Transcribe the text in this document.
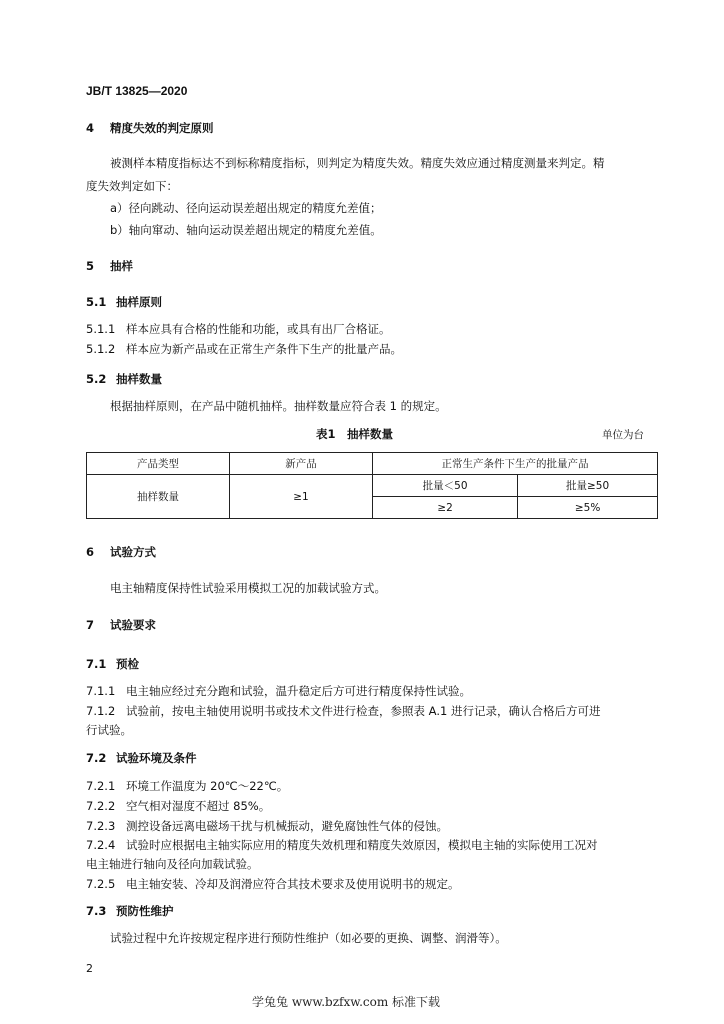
JB/T 13825—2020
4 精度失效的判定原则
被测样本精度指标达不到标称精度指标，则判定为精度失效。精度失效应通过精度测量来判定。精
度失效判定如下：
a）径向跳动、径向运动误差超出规定的精度允差值；
b）轴向窜动、轴向运动误差超出规定的精度允差值。
5 抽样
5.1 抽样原则
5.1.1 样本应具有合格的性能和功能，或具有出厂合格证。
5.1.2 样本应为新产品或在正常生产条件下生产的批量产品。
5.2 抽样数量
根据抽样原则，在产品中随机抽样。抽样数量应符合表 1 的规定。
表1　抽样数量	单位为台
产品类型	新产品	正常生产条件下生产的批量产品	
抽样数量	≥1	批量＜50	批量≥50
		≥2	≥5%
6 试验方式
电主轴精度保持性试验采用模拟工况的加载试验方式。
7 试验要求
7.1 预检
7.1.1 电主轴应经过充分跑和试验，温升稳定后方可进行精度保持性试验。
7.1.2 试验前，按电主轴使用说明书或技术文件进行检查，参照表 A.1 进行记录，确认合格后方可进
行试验。
7.2 试验环境及条件
7.2.1 环境工作温度为 20℃～22℃。
7.2.2 空气相对湿度不超过 85%。
7.2.3 测控设备远离电磁场干扰与机械振动，避免腐蚀性气体的侵蚀。
7.2.4 试验时应根据电主轴实际应用的精度失效机理和精度失效原因，模拟电主轴的实际使用工况对
电主轴进行轴向及径向加载试验。
7.2.5 电主轴安装、冷却及润滑应符合其技术要求及使用说明书的规定。
7.3 预防性维护
试验过程中允许按规定程序进行预防性维护（如必要的更换、调整、润滑等）。
2
学兔兔 www.bzfxw.com 标准下载
